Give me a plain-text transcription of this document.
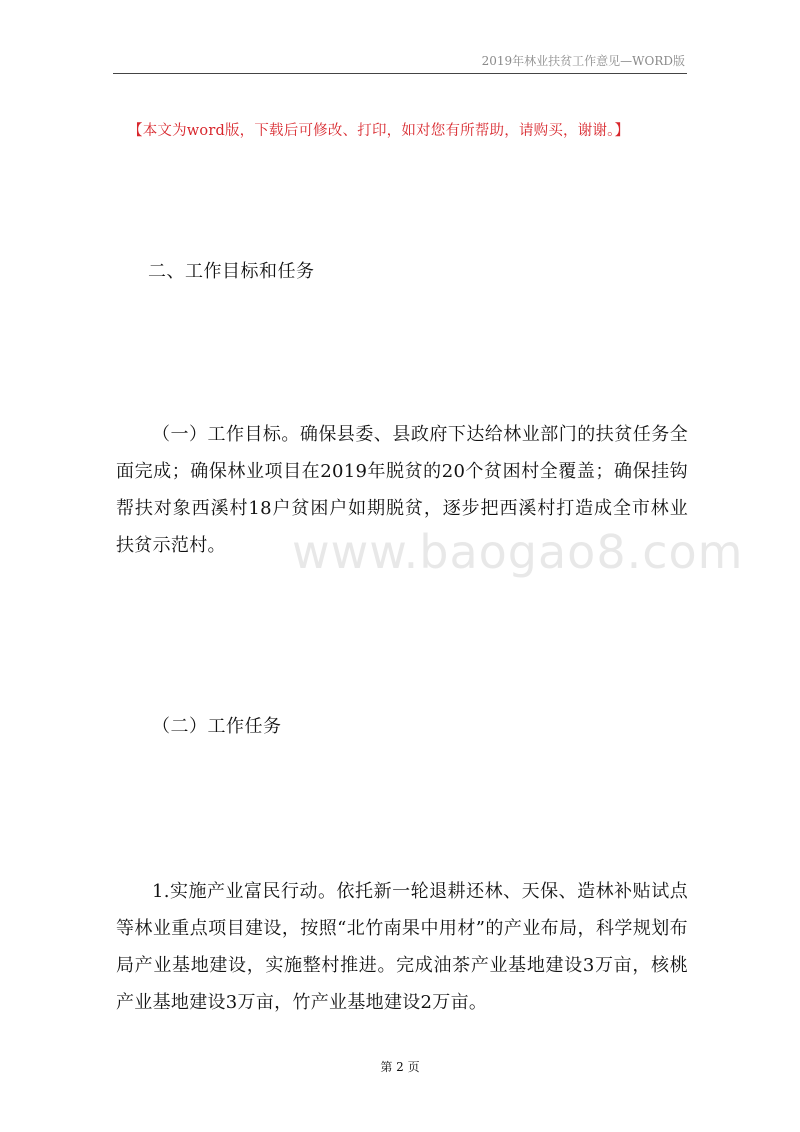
2019年林业扶贫工作意见—WORD版
【本文为word版，下载后可修改、打印，如对您有所帮助，请购买，谢谢。】
二、工作目标和任务
（一）工作目标。确保县委、县政府下达给林业部门的扶贫任务全面完成；确保林业项目在2019年脱贫的20个贫困村全覆盖；确保挂钩帮扶对象西溪村18户贫困户如期脱贫，逐步把西溪村打造成全市林业扶贫示范村。	www.baogao8.com
（二）工作任务
1.实施产业富民行动。依托新一轮退耕还林、天保、造林补贴试点等林业重点项目建设，按照“北竹南果中用材”的产业布局，科学规划布局产业基地建设，实施整村推进。完成油茶产业基地建设3万亩，核桃产业基地建设3万亩，竹产业基地建设2万亩。
第 2 页
